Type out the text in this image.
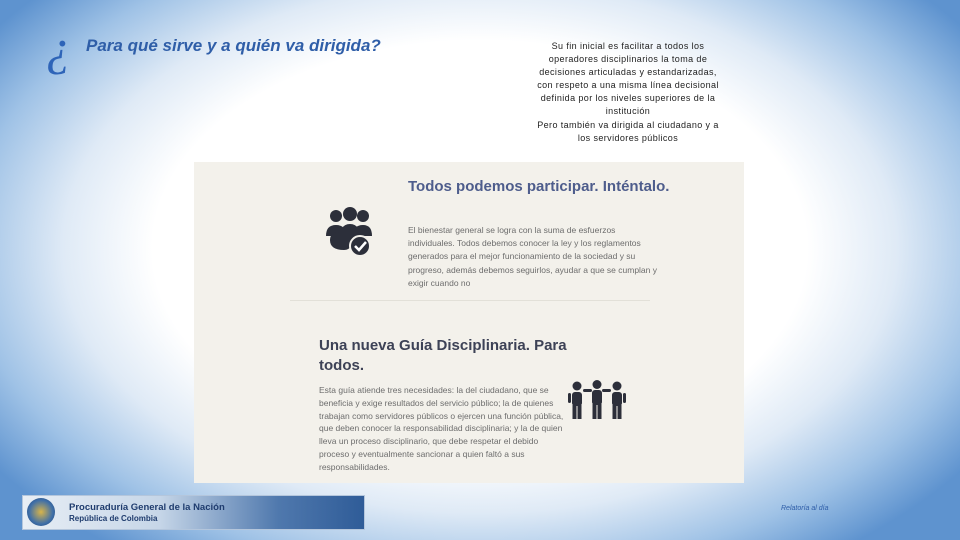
¿ Para qué sirve y a quién va dirigida?	Su fin inicial es facilitar a todos los operadores disciplinarios la toma de decisiones articuladas y estandarizadas, con respeto a una misma línea decisional definida por los niveles superiores de la institución

Pero también va dirigida al ciudadano y a los servidores públicos

Todos podemos participar. Inténtalo.
El bienestar general se logra con la suma de esfuerzos individuales. Todos debemos conocer la ley y los reglamentos generados para el mejor funcionamiento de la sociedad y su progreso, además debemos seguirlos, ayudar a que se cumplan y exigir cuando no
Una nueva Guía Disciplinaria. Para todos.
Esta guía atiende tres necesidades: la del ciudadano, que se beneficia y exige resultados del servicio público; la de quienes trabajan como servidores públicos o ejercen una función pública, que deben conocer la responsabilidad disciplinaria; y la de quien lleva un proceso disciplinario, que debe respetar el debido proceso y eventualmente sancionar a quien faltó a sus responsabilidades.
Procuraduría General de la Nación
República de Colombia
Relatoría al día
